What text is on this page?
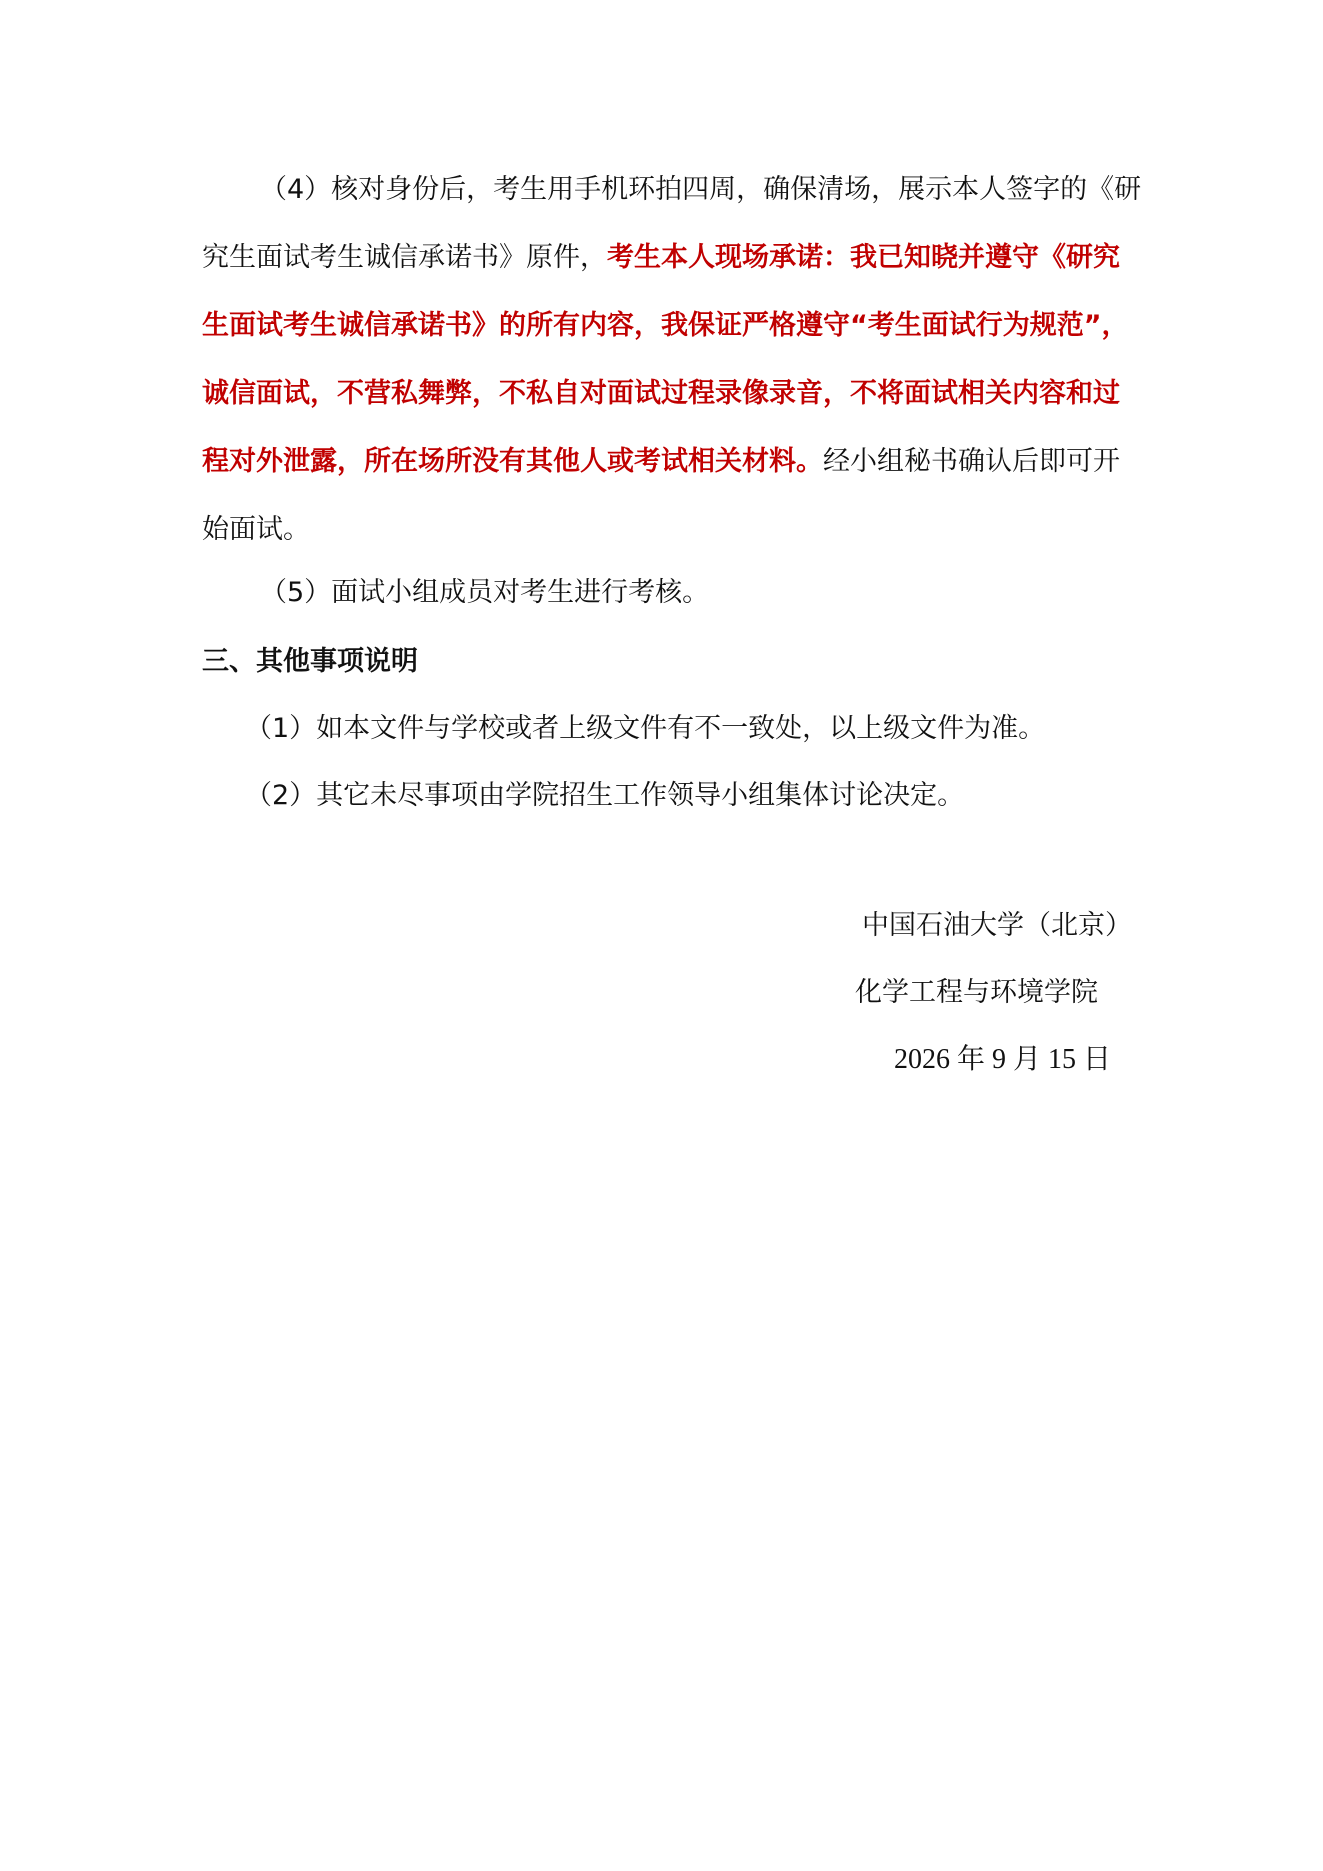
（4）核对身份后，考生用手机环拍四周，确保清场，展示本人签字的《研究生面试考生诚信承诺书》原件，考生本人现场承诺：我已知晓并遵守《研究生面试考生诚信承诺书》的所有内容，我保证严格遵守“考生面试行为规范”，诚信面试，不营私舞弊，不私自对面试过程录像录音，不将面试相关内容和过程对外泄露，所在场所没有其他人或考试相关材料。经小组秘书确认后即可开始面试。

（5）面试小组成员对考生进行考核。

三、其他事项说明

（1）如本文件与学校或者上级文件有不一致处，以上级文件为准。

（2）其它未尽事项由学院招生工作领导小组集体讨论决定。

中国石油大学（北京）
化学工程与环境学院
2026 年 9 月 15 日
